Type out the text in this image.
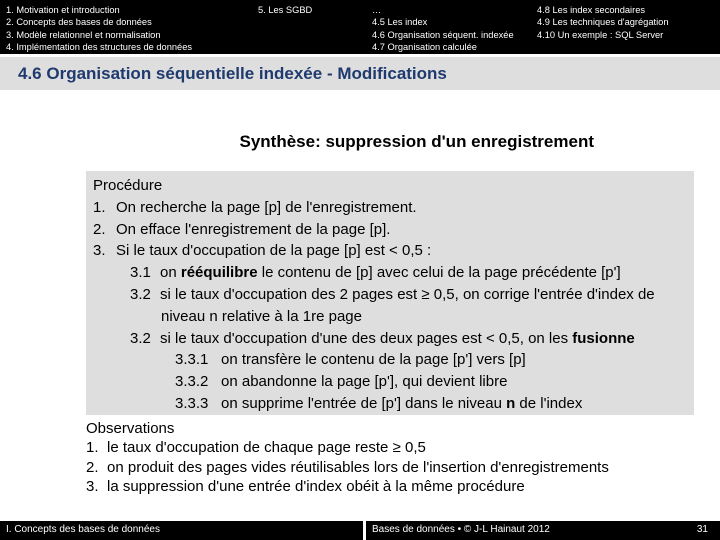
1. Motivation et introduction
2. Concepts des bases de données
3. Modèle relationnel et normalisation
4. Implémentation des structures de données
5. Les SGBD	…	4.8 Les index secondaires
4.5 Les index	4.9 Les techniques d'agrégation
4.6 Organisation séquent. indexée	4.10 Un exemple : SQL Server
4.7 Organisation calculée
4.6 Organisation séquentielle indexée - Modifications
Synthèse: suppression d'un enregistrement
Procédure
1. On recherche la page [p] de l'enregistrement.
2. On efface l'enregistrement de la page [p].
3. Si le taux d'occupation de la page [p] est < 0,5 :
3.1 on rééquilibre le contenu de [p] avec celui de la page précédente [p']
3.2 si le taux d'occupation des 2 pages est ≥ 0,5, on corrige l'entrée d'index de
niveau n relative à la 1re page
3.2 si le taux d'occupation d'une des deux pages est < 0,5, on les fusionne
3.3.1 on transfère le contenu de la page [p'] vers [p]
3.3.2 on abandonne la page [p'], qui devient libre
3.3.3 on supprime l'entrée de [p'] dans le niveau n de l'index
Observations
1. le taux d'occupation de chaque page reste ≥ 0,5
2. on produit des pages vides réutilisables lors de l'insertion d'enregistrements
3. la suppression d'une entrée d'index obéit à la même procédure
I. Concepts des bases de données	Bases de données • © J-L Hainaut 2012	31
